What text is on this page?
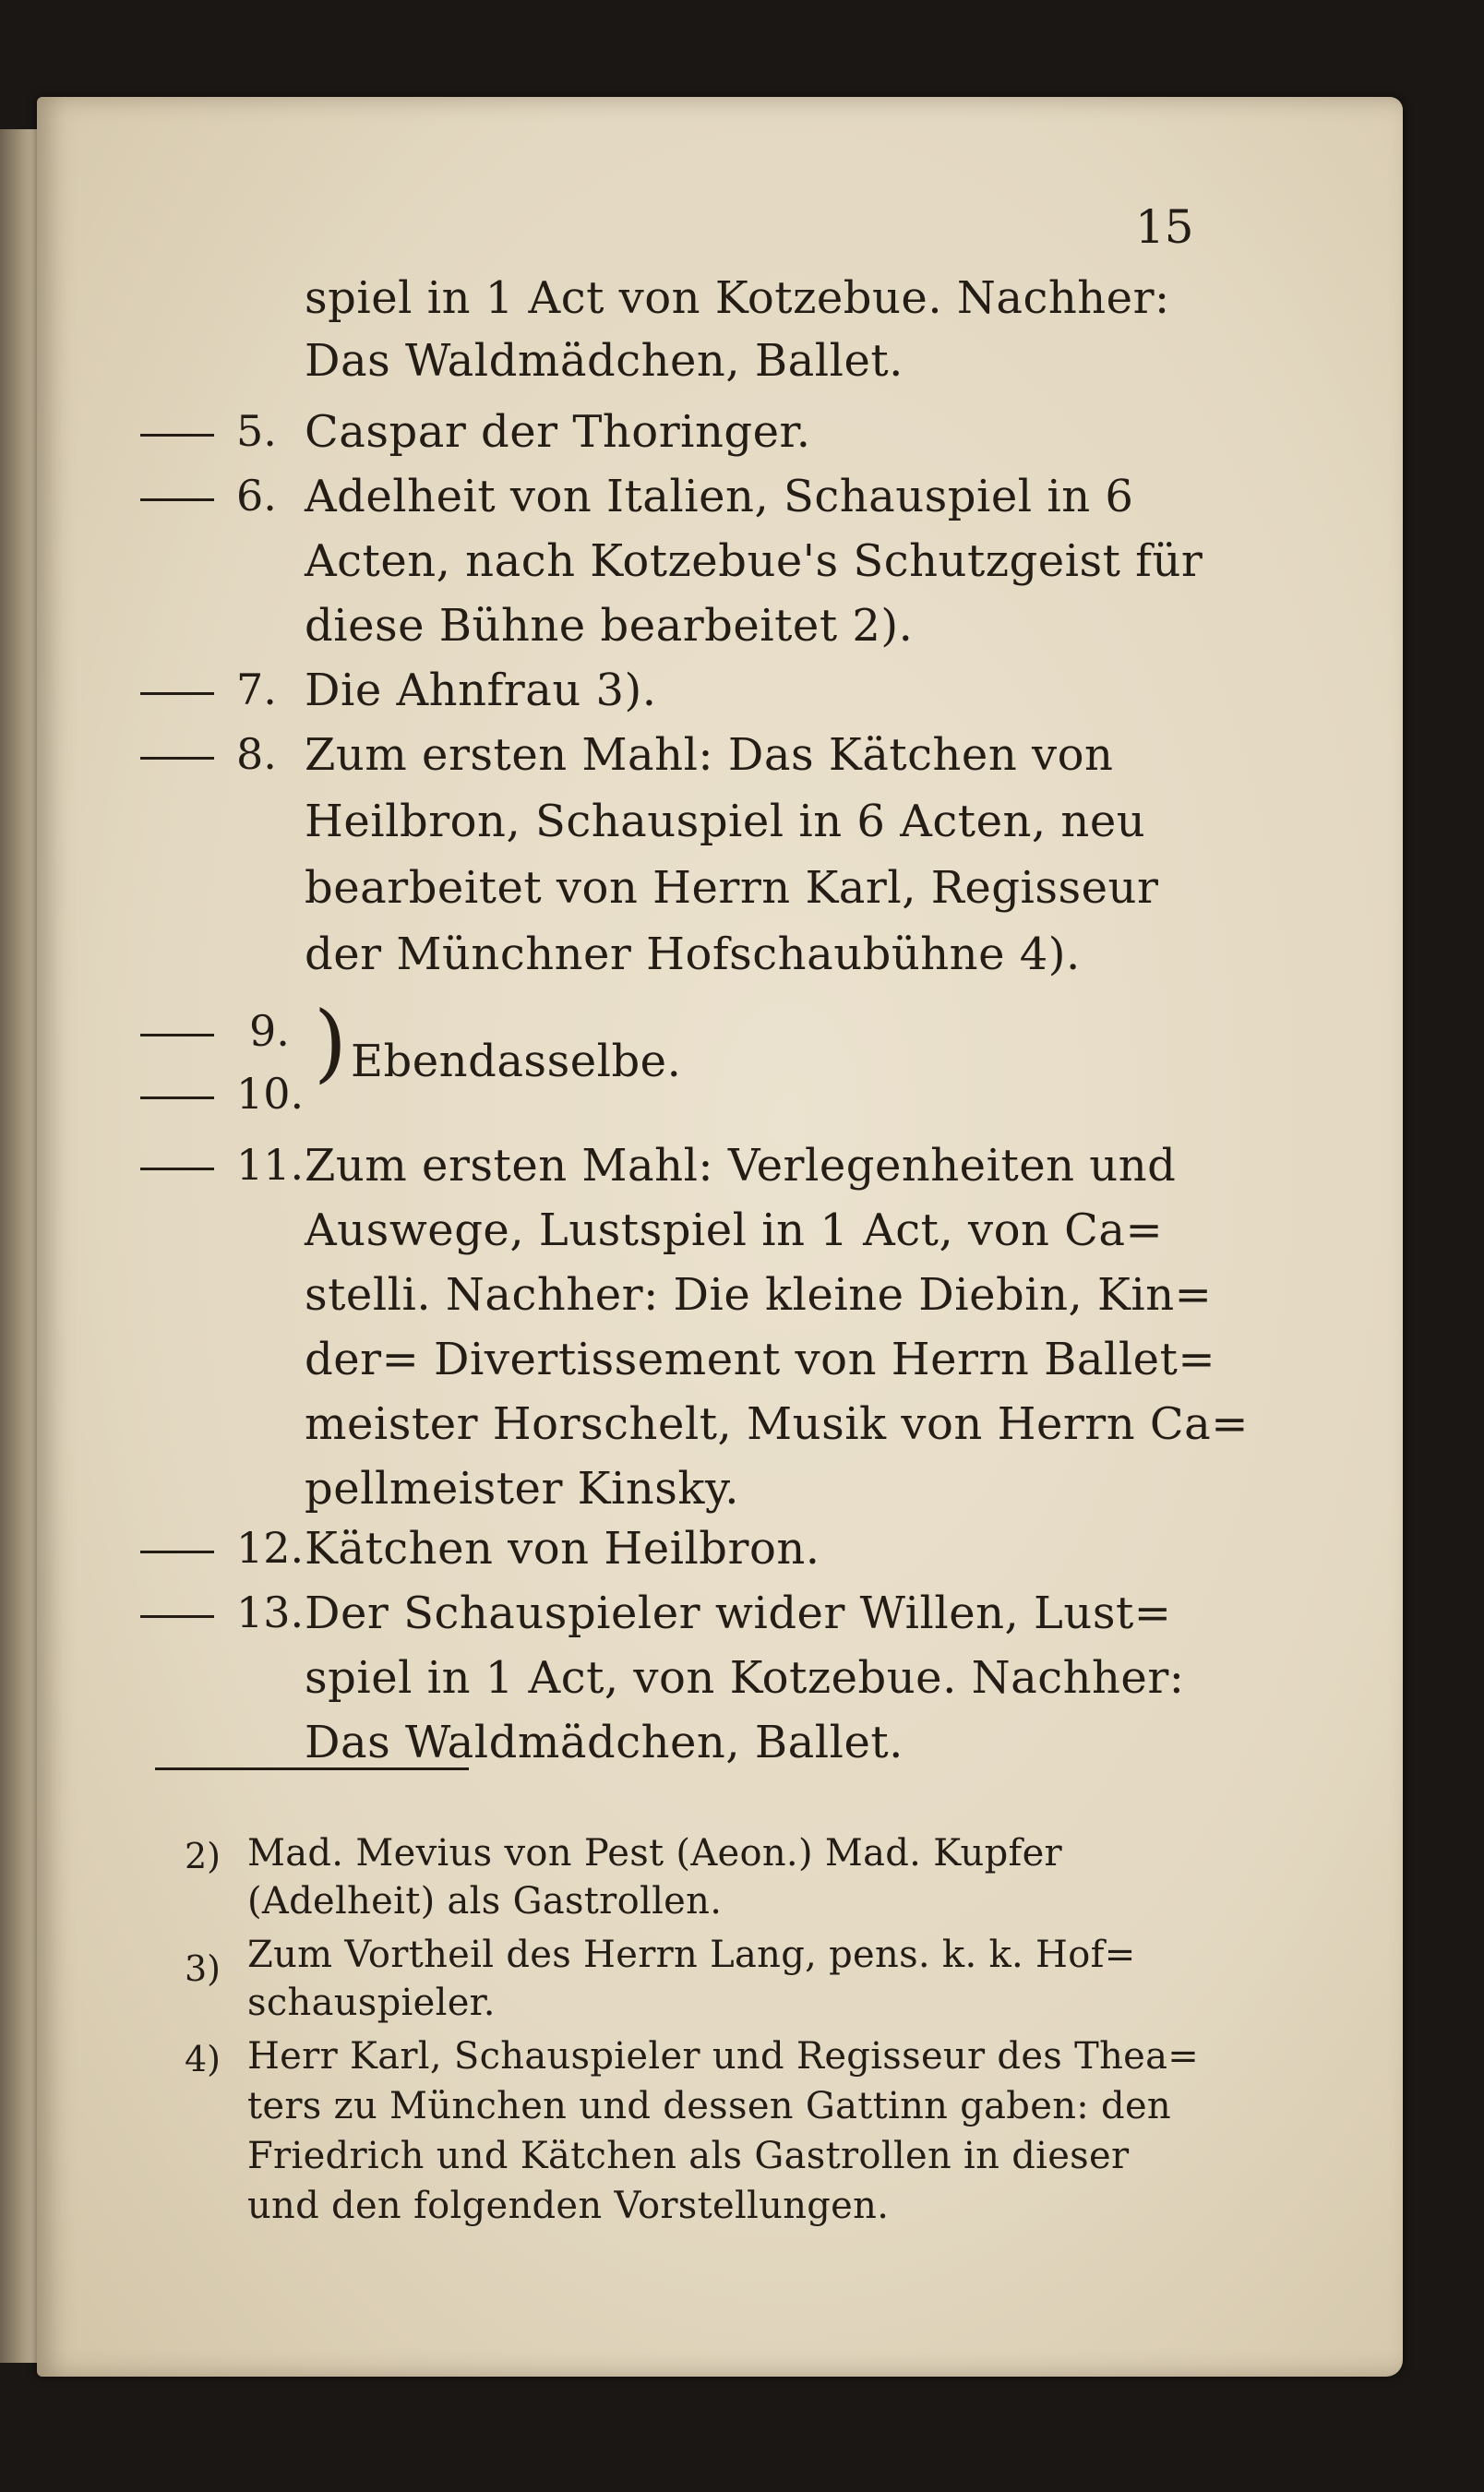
15
spiel in 1 Act von Kotzebue. Nachher:
Das Waldmädchen, Ballet.
5. Caspar der Thoringer.
6. Adelheit von Italien, Schauspiel in 6
Acten, nach Kotzebue's Schutzgeist für
diese Bühne bearbeitet 2).
7. Die Ahnfrau 3).
8. Zum ersten Mahl: Das Kätchen von
Heilbron, Schauspiel in 6 Acten, neu
bearbeitet von Herrn Karl, Regisseur
der Münchner Hofschaubühne 4).
9.
10.
) Ebendasselbe.
11. Zum ersten Mahl: Verlegenheiten und
Auswege, Lustspiel in 1 Act, von Ca=
stelli. Nachher: Die kleine Diebin, Kin=
der= Divertissement von Herrn Ballet=
meister Horschelt, Musik von Herrn Ca=
pellmeister Kinsky.
12. Kätchen von Heilbron.
13. Der Schauspieler wider Willen, Lust=
spiel in 1 Act, von Kotzebue. Nachher:
Das Waldmädchen, Ballet.
2) Mad. Mevius von Pest (Aeon.) Mad. Kupfer
(Adelheit) als Gastrollen.
3) Zum Vortheil des Herrn Lang, pens. k. k. Hof=
schauspieler.
4) Herr Karl, Schauspieler und Regisseur des Thea=
ters zu München und dessen Gattinn gaben: den
Friedrich und Kätchen als Gastrollen in dieser
und den folgenden Vorstellungen.
